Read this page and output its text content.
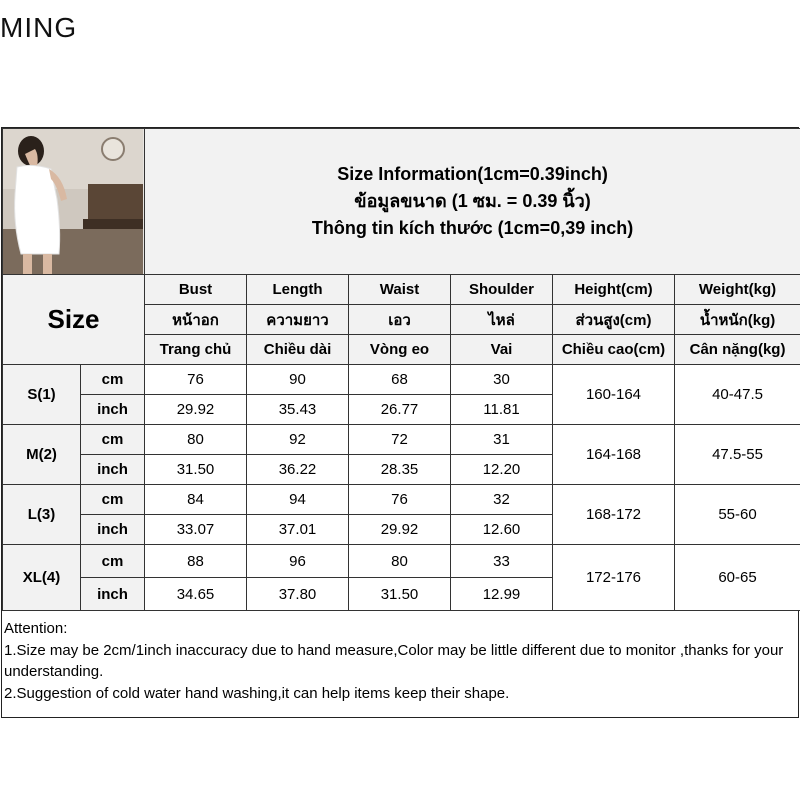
MING

Size Information(1cm=0.39inch)
ข้อมูลขนาด (1 ซม. = 0.39 นิ้ว)
Thông tin kích thước (1cm=0,39 inch)					

Size		Bust	Length	Waist	Shoulder	Height(cm)	Weight(kg)
		หน้าอก	ความยาว	เอว	ไหล่	ส่วนสูง(cm)	น้ำหนัก(kg)
		Trang chủ	Chiều dài	Vòng eo	Vai	Chiều cao(cm)	Cân nặng(kg)
S(1)	cm	76	90	68	30	160-164	40-47.5
	inch	29.92	35.43	26.77	11.81		
M(2)	cm	80	92	72	31	164-168	47.5-55
	inch	31.50	36.22	28.35	12.20		
L(3)	cm	84	94	76	32	168-172	55-60
	inch	33.07	37.01	29.92	12.60		
XL(4)	cm	88	96	80	33	172-176	60-65
	inch	34.65	37.80	31.50	12.99		
Attention:
1.Size may be 2cm/1inch inaccuracy due to hand measure,Color may be little different due to monitor ,thanks for your understanding.
2.Suggestion of cold water hand washing,it can help items keep their shape.
